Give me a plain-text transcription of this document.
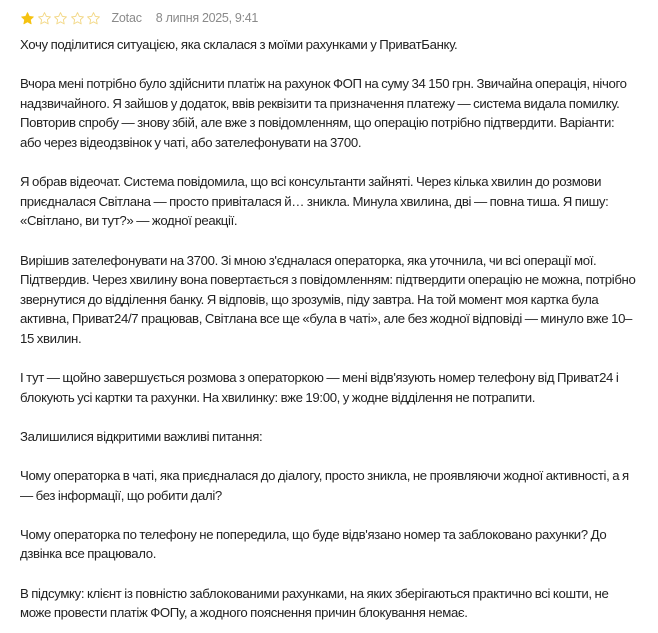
Zotac 8 липня 2025, 9:41

Хочу поділитися ситуацією, яка склалася з моїми рахунками у ПриватБанку.

Вчора мені потрібно було здійснити платіж на рахунок ФОП на суму 34 150 грн. Звичайна операція, нічого надзвичайного. Я зайшов у додаток, ввів реквізити та призначення платежу — система видала помилку. Повторив спробу — знову збій, але вже з повідомленням, що операцію потрібно підтвердити. Варіанти: або через відеодзвінок у чаті, або зателефонувати на 3700.

Я обрав відеочат. Система повідомила, що всі консультанти зайняті. Через кілька хвилин до розмови приєдналася Світлана — просто привіталася й… зникла. Минула хвилина, дві — повна тиша. Я пишу: «Світлано, ви тут?» — жодної реакції.

Вирішив зателефонувати на 3700. Зі мною з'єдналася операторка, яка уточнила, чи всі операції мої. Підтвердив. Через хвилину вона повертається з повідомленням: підтвердити операцію не можна, потрібно звернутися до відділення банку. Я відповів, що зрозумів, піду завтра. На той момент моя картка була активна, Приват24/7 працював, Світлана все ще «була в чаті», але без жодної відповіді — минуло вже 10–15 хвилин.

І тут — щойно завершується розмова з операторкою — мені відв'язують номер телефону від Приват24 і блокують усі картки та рахунки. На хвилинку: вже 19:00, у жодне відділення не потрапити.

Залишилися відкритими важливі питання:

Чому операторка в чаті, яка приєдналася до діалогу, просто зникла, не проявляючи жодної активності, а я — без інформації, що робити далі?

Чому операторка по телефону не попередила, що буде відв'язано номер та заблоковано рахунки? До дзвінка все працювало.

В підсумку: клієнт із повністю заблокованими рахунками, на яких зберігаються практично всі кошти, не може провести платіж ФОПу, а жодного пояснення причин блокування немає.
